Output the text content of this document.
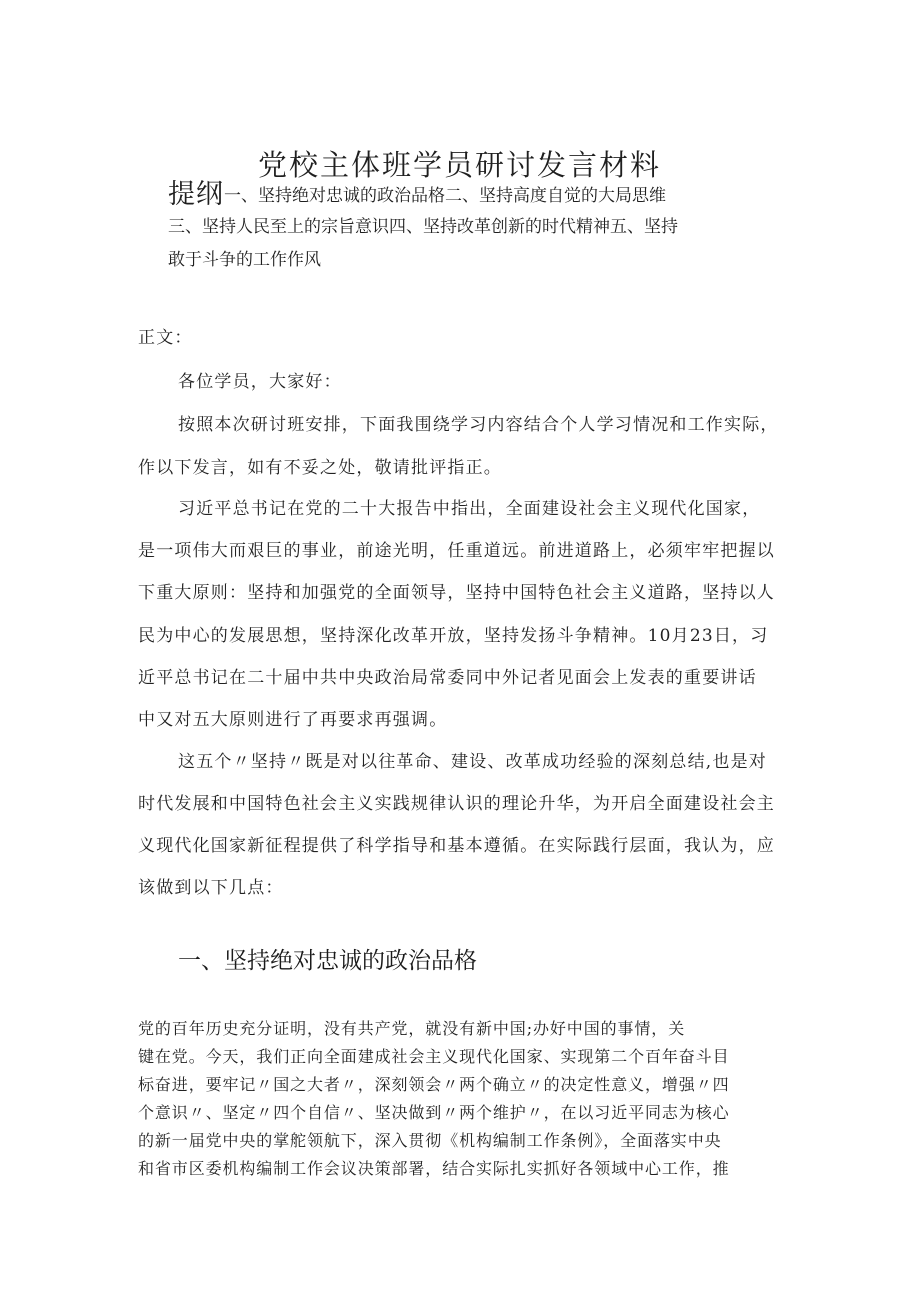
党校主体班学员研讨发言材料
提纲一、坚持绝对忠诚的政治品格二、坚持高度自觉的大局思维
三、坚持人民至上的宗旨意识四、坚持改革创新的时代精神五、坚持
敢于斗争的工作作风
正文：
各位学员，大家好：
按照本次研讨班安排，下面我围绕学习内容结合个人学习情况和工作实际，
作以下发言，如有不妥之处，敬请批评指正。
习近平总书记在党的二十大报告中指出，全面建设社会主义现代化国家，
是一项伟大而艰巨的事业，前途光明，任重道远。前进道路上，必须牢牢把握以
下重大原则：坚持和加强党的全面领导，坚持中国特色社会主义道路，坚持以人
民为中心的发展思想，坚持深化改革开放，坚持发扬斗争精神。10月23日，习
近平总书记在二十届中共中央政治局常委同中外记者见面会上发表的重要讲话
中又对五大原则进行了再要求再强调。
这五个〃坚持〃既是对以往革命、建设、改革成功经验的深刻总结,也是对
时代发展和中国特色社会主义实践规律认识的理论升华，为开启全面建设社会主
义现代化国家新征程提供了科学指导和基本遵循。在实际践行层面，我认为，应
该做到以下几点：
一、坚持绝对忠诚的政治品格
党的百年历史充分证明，没有共产党，就没有新中国;办好中国的事情，关
键在党。今天，我们正向全面建成社会主义现代化国家、实现第二个百年奋斗目
标奋进，要牢记〃国之大者〃，深刻领会〃两个确立〃的决定性意义，增强〃四
个意识〃、坚定〃四个自信〃、坚决做到〃两个维护〃，在以习近平同志为核心
的新一届党中央的掌舵领航下，深入贯彻《机构编制工作条例》，全面落实中央
和省市区委机构编制工作会议决策部署，结合实际扎实抓好各领域中心工作，推
